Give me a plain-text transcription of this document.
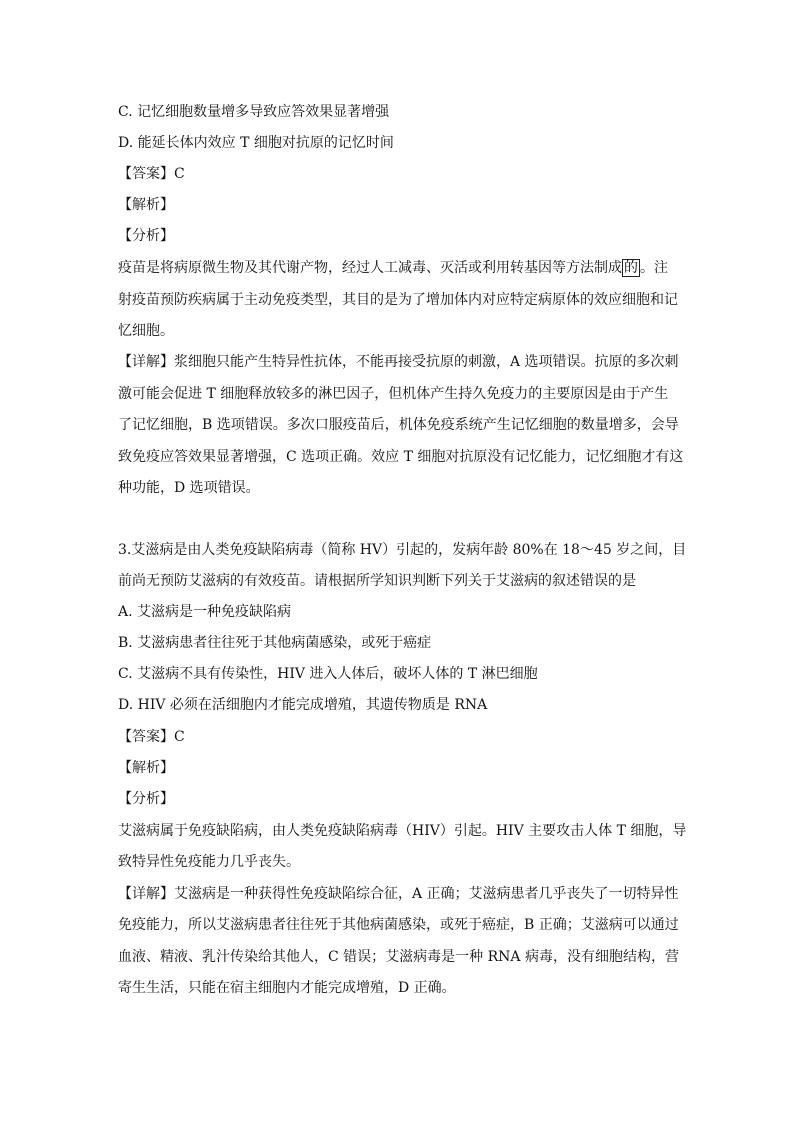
C. 记忆细胞数量增多导致应答效果显著增强
D. 能延长体内效应 T 细胞对抗原的记忆时间
【答案】C
【解析】
【分析】
疫苗是将病原微生物及其代谢产物，经过人工减毒、灭活或利用转基因等方法制成 的 。注
射疫苗预防疾病属于主动免疫类型，其目的是为了增加体内对应特定病原体的效应细胞和记
忆细胞。
【详解】浆细胞只能产生特异性抗体，不能再接受抗原的刺激，A 选项错误。抗原的多次刺
激可能会促进 T 细胞释放较多的淋巴因子，但机体产生持久免疫力的主要原因是由于产生
了记忆细胞，B 选项错误。多次口服疫苗后，机体免疫系统产生记忆细胞的数量增多，会导
致免疫应答效果显著增强，C 选项正确。效应 T 细胞对抗原没有记忆能力，记忆细胞才有这
种功能，D 选项错误。
3.艾滋病是由人类免疫缺陷病毒（简称 HV）引起的，发病年龄 80%在 18～45 岁之间，目
前尚无预防艾滋病的有效疫苗。请根据所学知识判断下列关于艾滋病的叙述错误的是
A. 艾滋病是一种免疫缺陷病
B. 艾滋病患者往往死于其他病菌感染，或死于癌症
C. 艾滋病不具有传染性，HIV 进入人体后，破坏人体的 T 淋巴细胞
D. HIV 必须在活细胞内才能完成增殖，其遗传物质是 RNA
【答案】C
【解析】
【分析】
艾滋病属于免疫缺陷病，由人类免疫缺陷病毒（HIV）引起。HIV 主要攻击人体 T 细胞，导
致特异性免疫能力几乎丧失。
【详解】艾滋病是一种获得性免疫缺陷综合征，A 正确；艾滋病患者几乎丧失了一切特异性
免疫能力，所以艾滋病患者往往死于其他病菌感染，或死于癌症，B 正确；艾滋病可以通过
血液、精液、乳汁传染给其他人，C 错误；艾滋病毒是一种 RNA 病毒，没有细胞结构，营
寄生生活，只能在宿主细胞内才能完成增殖，D 正确。
